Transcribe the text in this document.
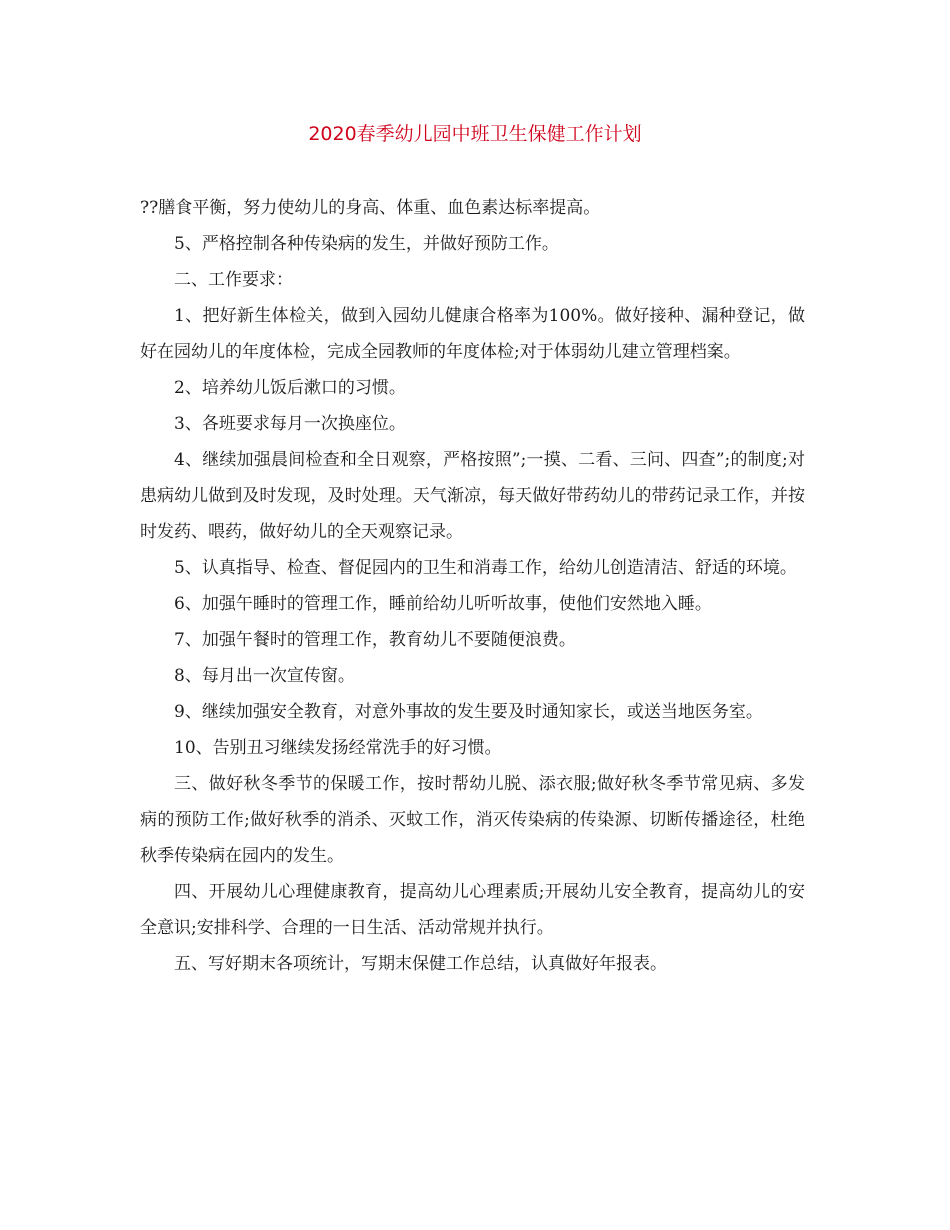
2020春季幼儿园中班卫生保健工作计划

??膳食平衡，努力使幼儿的身高、体重、血色素达标率提高。

5、严格控制各种传染病的发生，并做好预防工作。

二、工作要求：

1、把好新生体检关，做到入园幼儿健康合格率为100%。做好接种、漏种登记，做好在园幼儿的年度体检，完成全园教师的年度体检;对于体弱幼儿建立管理档案。

2、培养幼儿饭后漱口的习惯。

3、各班要求每月一次换座位。

4、继续加强晨间检查和全日观察，严格按照”;一摸、二看、三问、四查”;的制度;对患病幼儿做到及时发现，及时处理。天气渐凉，每天做好带药幼儿的带药记录工作，并按时发药、喂药，做好幼儿的全天观察记录。

5、认真指导、检查、督促园内的卫生和消毒工作，给幼儿创造清洁、舒适的环境。

6、加强午睡时的管理工作，睡前给幼儿听听故事，使他们安然地入睡。

7、加强午餐时的管理工作，教育幼儿不要随便浪费。

8、每月出一次宣传窗。

9、继续加强安全教育，对意外事故的发生要及时通知家长，或送当地医务室。

10、告别丑习继续发扬经常洗手的好习惯。

三、做好秋冬季节的保暖工作，按时帮幼儿脱、添衣服;做好秋冬季节常见病、多发病的预防工作;做好秋季的消杀、灭蚊工作，消灭传染病的传染源、切断传播途径，杜绝秋季传染病在园内的发生。

四、开展幼儿心理健康教育，提高幼儿心理素质;开展幼儿安全教育，提高幼儿的安全意识;安排科学、合理的一日生活、活动常规并执行。

五、写好期末各项统计，写期末保健工作总结，认真做好年报表。
